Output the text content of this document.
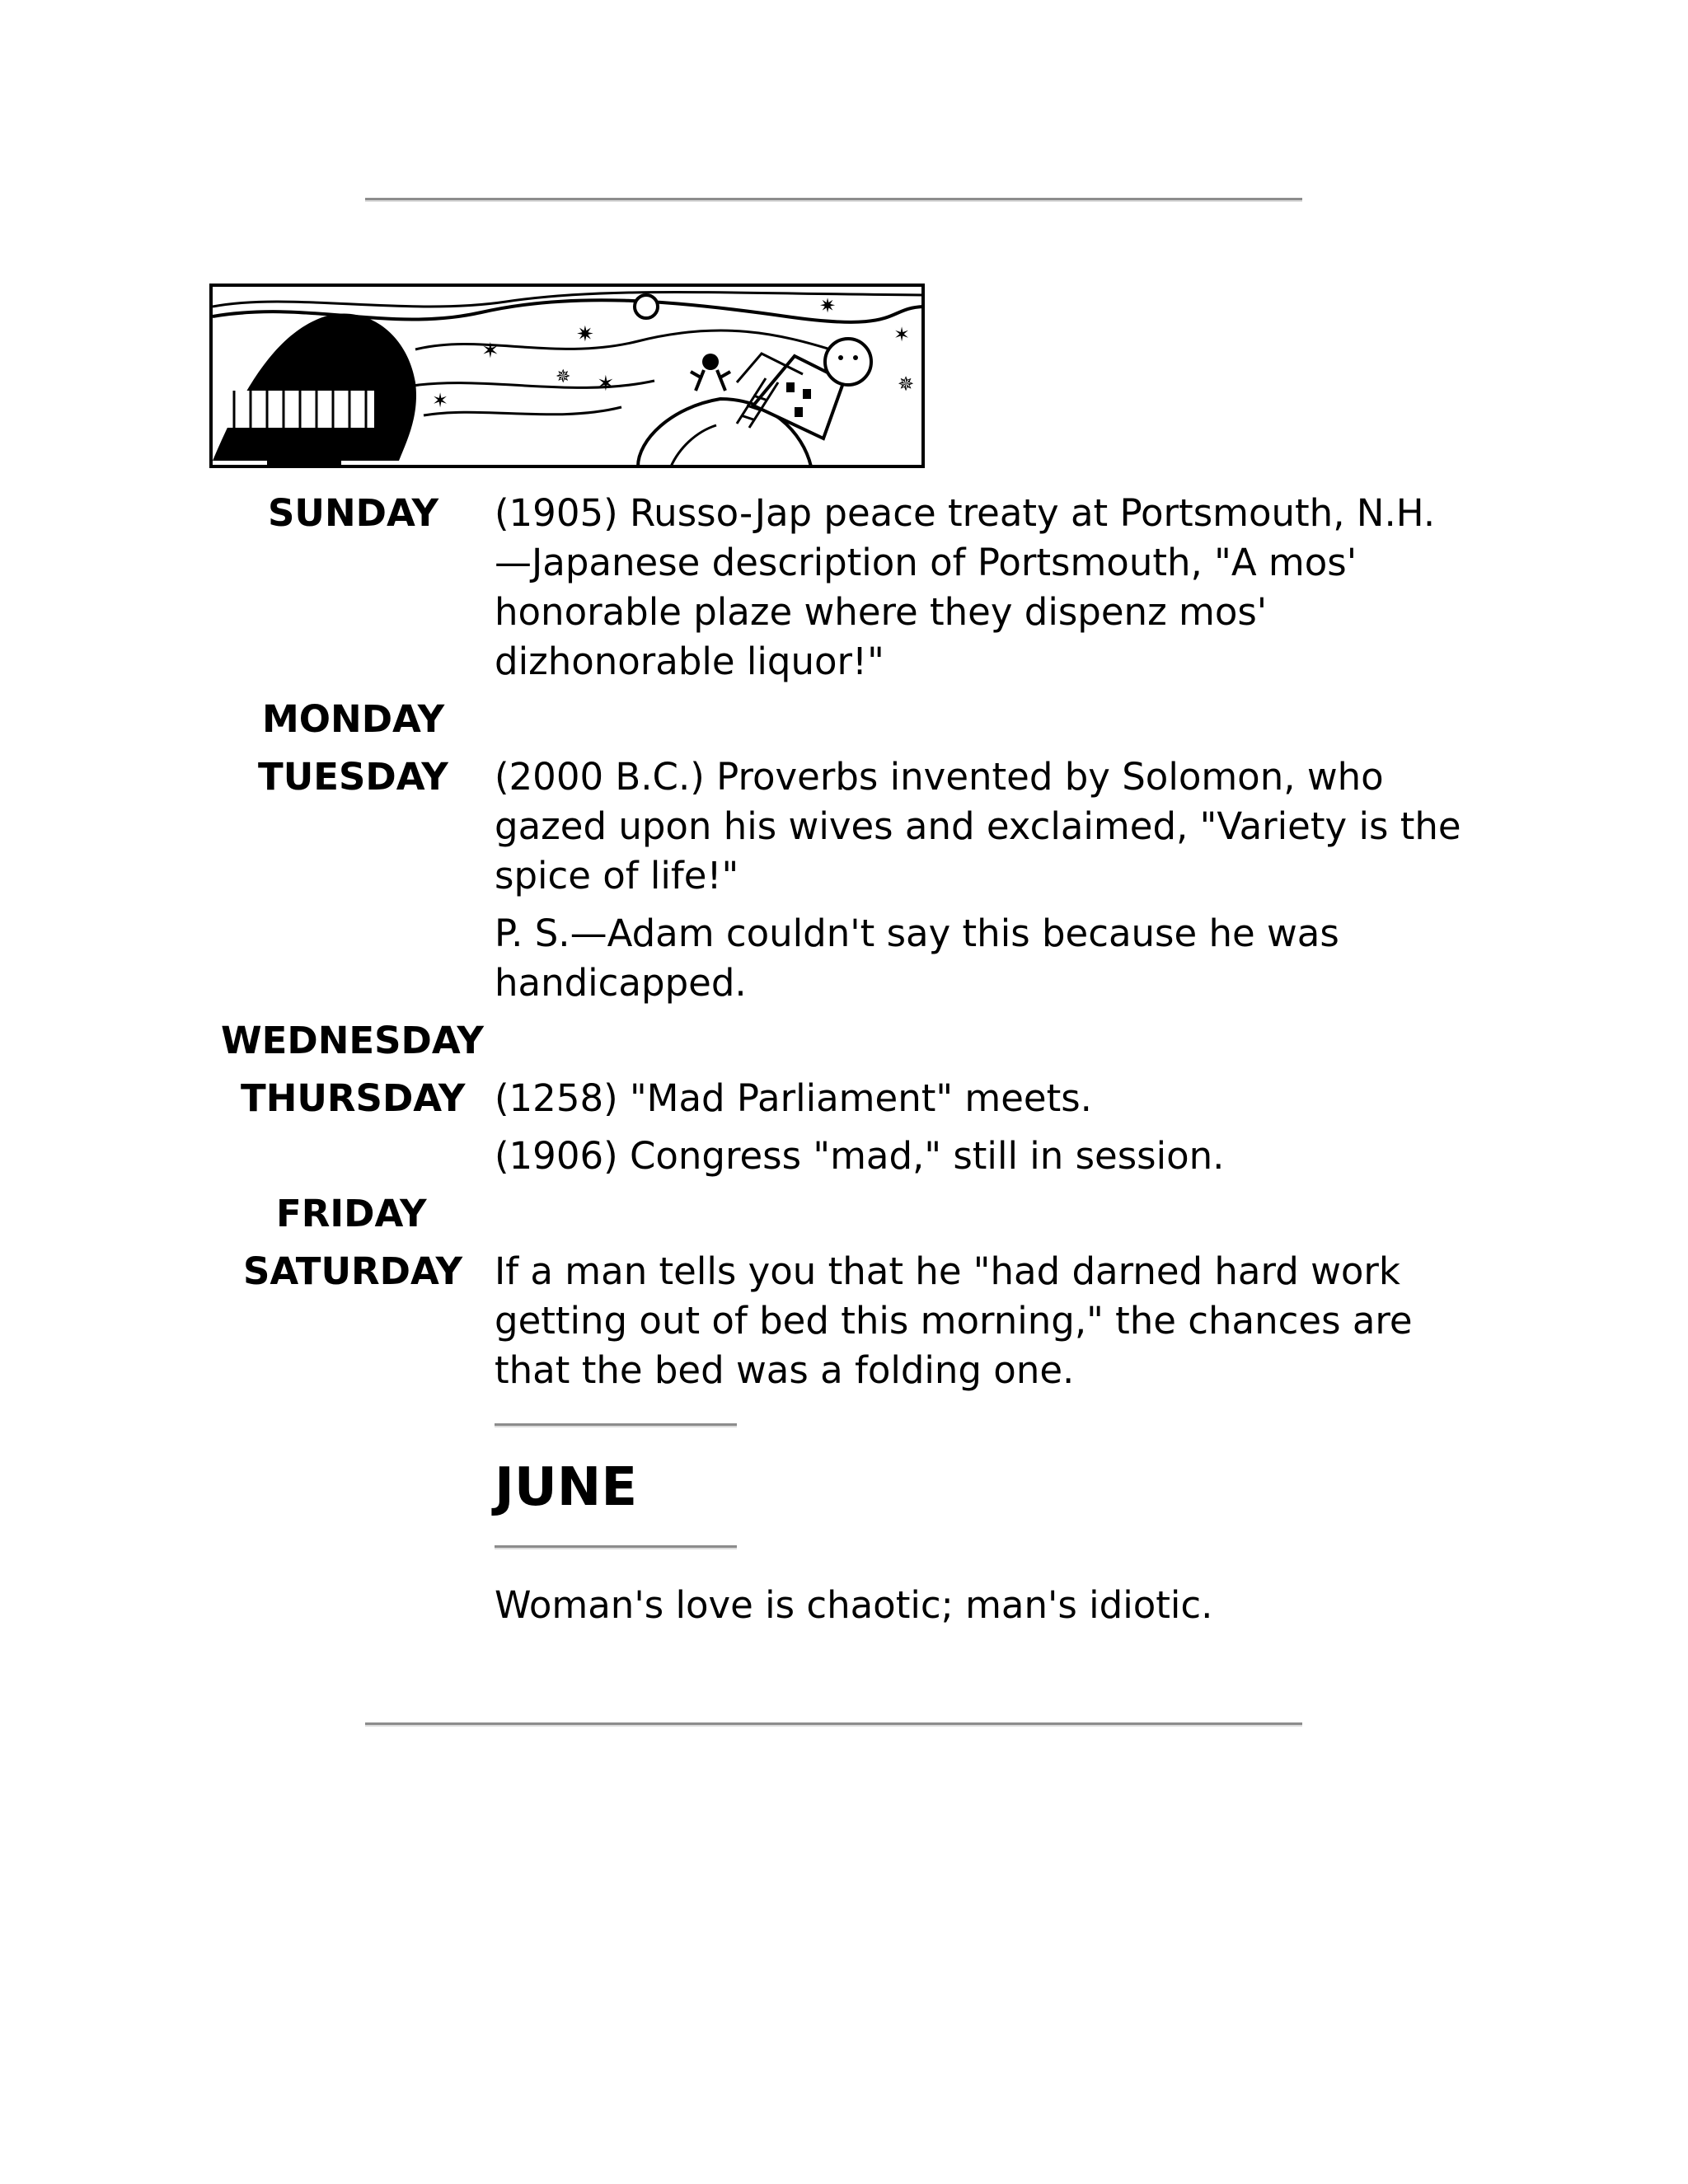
✶
✷
✶
✵
✷
✶
✵
✶
SUNDAY	(1905) Russo-Jap peace treaty at Portsmouth, N.H.—Japanese description of Portsmouth, "A mos' honorable plaze where they dispenz mos' dizhonorable liquor!"

MONDAY
TUESDAY	(2000 B.C.) Proverbs invented by Solomon, who gazed upon his wives and exclaimed, "Variety is the spice of life!"

P. S.—Adam couldn't say this because he was handicapped.

WEDNESDAY
THURSDAY (1258) "Mad Parliament" meets.

(1906) Congress "mad," still in session.

FRIDAY
SATURDAY If a man tells you that he "had darned hard work getting out of bed this morning," the chances are that the bed was a folding one.

JUNE

Woman's love is chaotic; man's idiotic.
